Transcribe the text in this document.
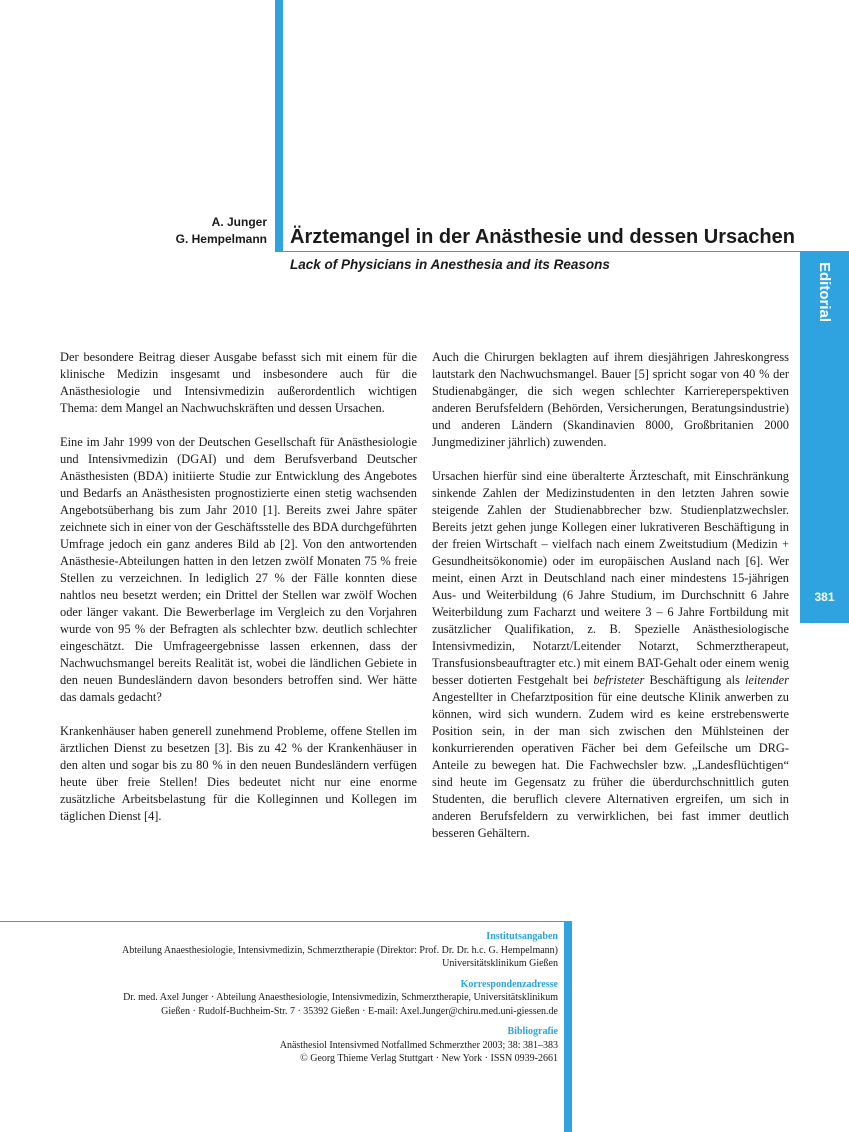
A. Junger
G. Hempelmann Ärztemangel in der Anästhesie und dessen Ursachen
Lack of Physicians in Anesthesia and its Reasons	Editorial
381

Der besondere Beitrag dieser Ausgabe befasst sich mit einem für die klinische Medizin insgesamt und insbesondere auch für die Anästhesiologie und Intensivmedizin außerordentlich wichtigen Thema: dem Mangel an Nachwuchskräften und dessen Ursachen.

Eine im Jahr 1999 von der Deutschen Gesellschaft für Anästhesiologie und Intensivmedizin (DGAI) und dem Berufsverband Deutscher Anästhesisten (BDA) initiierte Studie zur Entwicklung des Angebotes und Bedarfs an Anästhesisten prognostizierte einen stetig wachsenden Angebotsüberhang bis zum Jahr 2010 [1]. Bereits zwei Jahre später zeichnete sich in einer von der Geschäftsstelle des BDA durchgeführten Umfrage jedoch ein ganz anderes Bild ab [2]. Von den antwortenden Anästhesie-Abteilungen hatten in den letzen zwölf Monaten 75 % freie Stellen zu verzeichnen. In lediglich 27 % der Fälle konnten diese nahtlos neu besetzt werden; ein Drittel der Stellen war zwölf Wochen oder länger vakant. Die Bewerberlage im Vergleich zu den Vorjahren wurde von 95 % der Befragten als schlechter bzw. deutlich schlechter eingeschätzt. Die Umfrageergebnisse lassen erkennen, dass der Nachwuchsmangel bereits Realität ist, wobei die ländlichen Gebiete in den neuen Bundesländern davon besonders betroffen sind. Wer hätte das damals gedacht?

Krankenhäuser haben generell zunehmend Probleme, offene Stellen im ärztlichen Dienst zu besetzen [3]. Bis zu 42 % der Krankenhäuser in den alten und sogar bis zu 80 % in den neuen Bundesländern verfügen heute über freie Stellen! Dies bedeutet nicht nur eine enorme zusätzliche Arbeitsbelastung für die Kolleginnen und Kollegen im täglichen Dienst [4].

Auch die Chirurgen beklagten auf ihrem diesjährigen Jahreskongress lautstark den Nachwuchsmangel. Bauer [5] spricht sogar von 40 % der Studienabgänger, die sich wegen schlechter Karriereperspektiven anderen Berufsfeldern (Behörden, Versicherungen, Beratungsindustrie) und anderen Ländern (Skandinavien 8000, Großbritanien 2000 Jungmediziner jährlich) zuwenden.

Ursachen hierfür sind eine überalterte Ärzteschaft, mit Einschränkung sinkende Zahlen der Medizinstudenten in den letzten Jahren sowie steigende Zahlen der Studienabbrecher bzw. Studienplatzwechsler. Bereits jetzt gehen junge Kollegen einer lukrativeren Beschäftigung in der freien Wirtschaft – vielfach nach einem Zweitstudium (Medizin + Gesundheitsökonomie) oder im europäischen Ausland nach [6]. Wer meint, einen Arzt in Deutschland nach einer mindestens 15-jährigen Aus- und Weiterbildung (6 Jahre Studium, im Durchschnitt 6 Jahre Weiterbildung zum Facharzt und weitere 3 – 6 Jahre Fortbildung mit zusätzlicher Qualifikation, z. B. Spezielle Anästhesiologische Intensivmedizin, Notarzt/Leitender Notarzt, Schmerztherapeut, Transfusionsbeauftragter etc.) mit einem BAT-Gehalt oder einem wenig besser dotierten Festgehalt bei befristeter Beschäftigung als leitender Angestellter in Chefarztposition für eine deutsche Klinik anwerben zu können, wird sich wundern. Zudem wird es keine erstrebenswerte Position sein, in der man sich zwischen den Mühlsteinen der konkurrierenden operativen Fächer bei dem Gefeilsche um DRG-Anteile zu bewegen hat. Die Fachwechsler bzw. „Landesflüchtigen“ sind heute im Gegensatz zu früher die überdurchschnittlich guten Studenten, die beruflich clevere Alternativen ergreifen, um sich in anderen Berufsfeldern zu verwirklichen, bei fast immer deutlich besseren Gehältern.

Institutsangaben
Abteilung Anaesthesiologie, Intensivmedizin, Schmerztherapie (Direktor: Prof. Dr. Dr. h.c. G. Hempelmann)
Universitätsklinikum Gießen
Korrespondenzadresse
Dr. med. Axel Junger · Abteilung Anaesthesiologie, Intensivmedizin, Schmerztherapie, Universitätsklinikum
Gießen · Rudolf-Buchheim-Str. 7 · 35392 Gießen · E-mail: Axel.Junger@chiru.med.uni-giessen.de
Bibliografie
Anästhesiol Intensivmed Notfallmed Schmerzther 2003; 38: 381–383
© Georg Thieme Verlag Stuttgart · New York · ISSN 0939-2661
